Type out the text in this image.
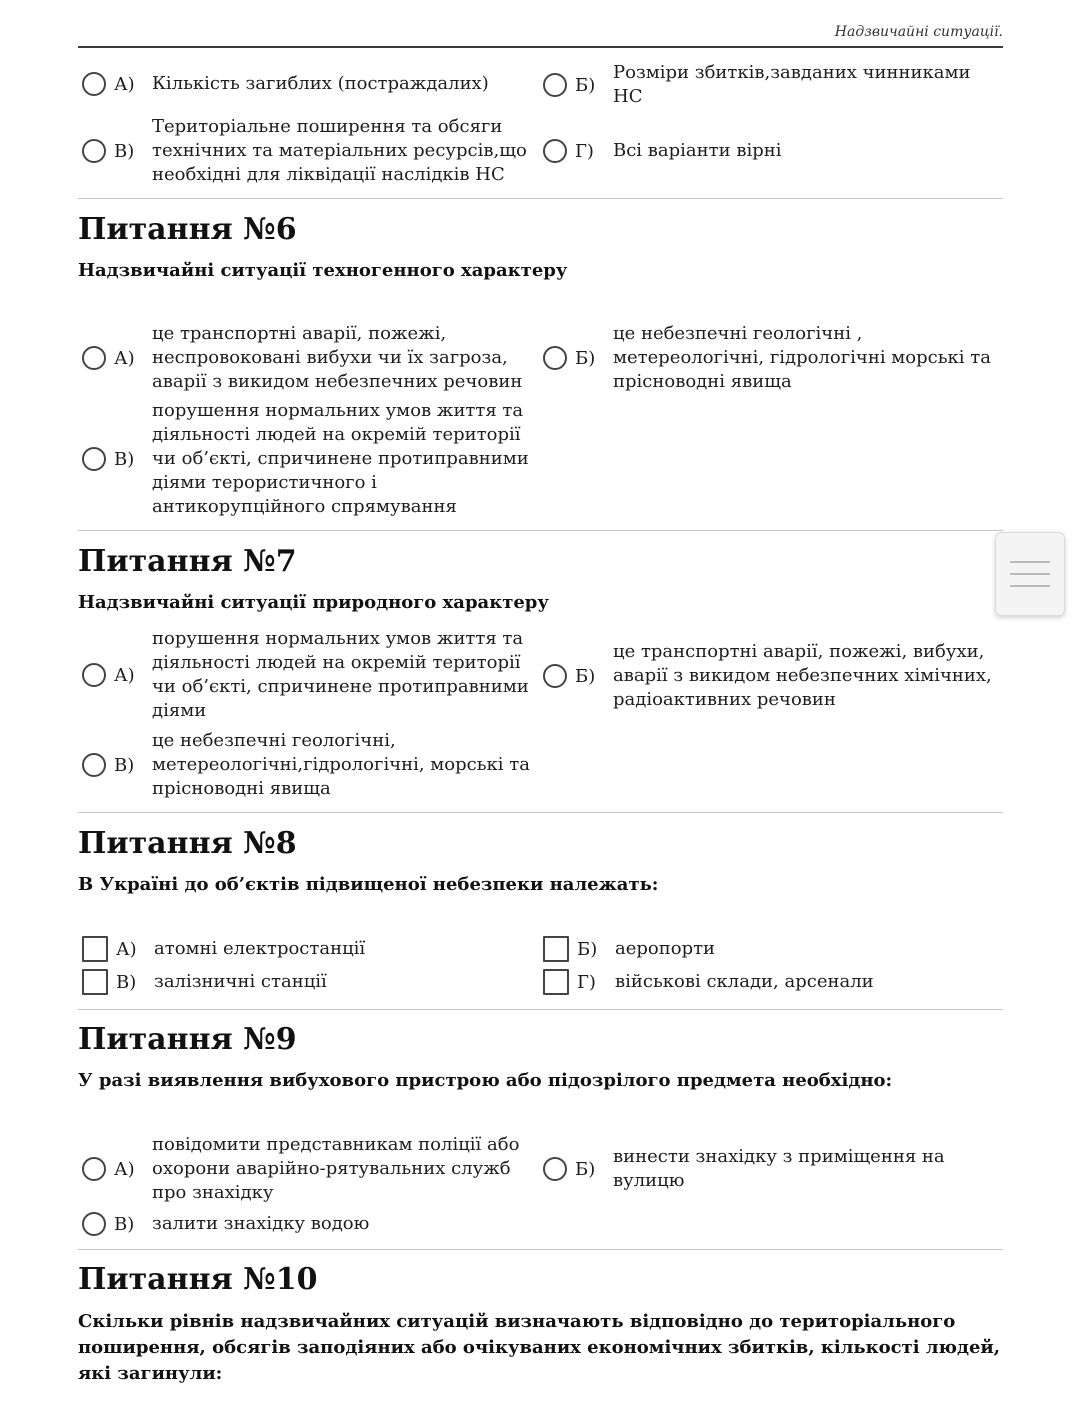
Надзвичайні ситуації.
А) Кількість загиблих (постраждалих)	Б)
Розміри збитків,завданих чинниками НС
В)
Територіальне поширення та обсяги технічних та матеріальних ресурсів,що необхідні для ліквідації наслідків НС
Г)	Всі варіанти вірні
Питання №6
Надзвичайні ситуації техногенного характеру
А)
це транспортні аварії, пожежі, неспровоковані вибухи чи їх загроза, аварії з викидом небезпечних речовин
Б)
це небезпечні геологічні , метереологічні, гідрологічні морські та прісноводні явища
В)
порушення нормальних умов життя та діяльності людей на окремій території чи об’єкті, спричинене протиправними діями терористичного і антикорупційного спрямування
Питання №7
Надзвичайні ситуації природного характеру
А)
порушення нормальних умов життя та діяльності людей на окремій території чи об’єкті, спричинене протиправними діями
Б)
це транспортні аварії, пожежі, вибухи, аварії з викидом небезпечних хімічних, радіоактивних речовин
В)
це небезпечні геологічні, метереологічні,гідрологічні, морські та прісноводні явища
Питання №8
В Україні до об’єктів підвищеної небезпеки належать:
А) атомні електростанції	Б) аеропорти
В) залізничні станції	Г)	військові склади, арсенали
Питання №9
У разі виявлення вибухового пристрою або підозрілого предмета необхідно:
А)
повідомити представникам поліції або охорони аварійно-рятувальних служб про знахідку
Б)
винести знахідку з приміщення на вулицю
В) залити знахідку водою
Питання №10
Скільки рівнів надзвичайних ситуацій визначають відповідно до територіального поширення, обсягів заподіяних або очікуваних економічних збитків, кількості людей, які загинули:
